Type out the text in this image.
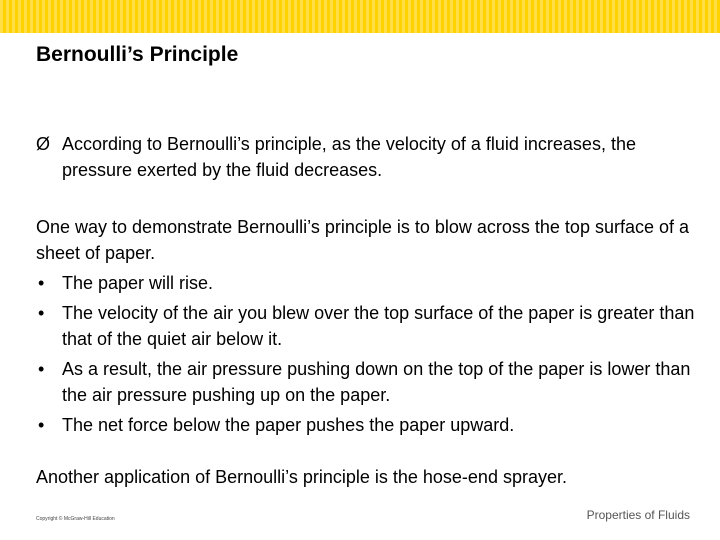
Bernoulli’s Principle

Ø According to Bernoulli’s principle, as the velocity of a fluid increases, the pressure exerted by the fluid decreases.

One way to demonstrate Bernoulli’s principle is to blow across the top surface of a sheet of paper.

• The paper will rise.
• The velocity of the air you blew over the top surface of the paper is greater than that of the quiet air below it.
• As a result, the air pressure pushing down on the top of the paper is lower than the air pressure pushing up on the paper.
• The net force below the paper pushes the paper upward.

Another application of Bernoulli’s principle is the hose-end sprayer.

Copyright © McGraw-Hill Education	Properties of Fluids
